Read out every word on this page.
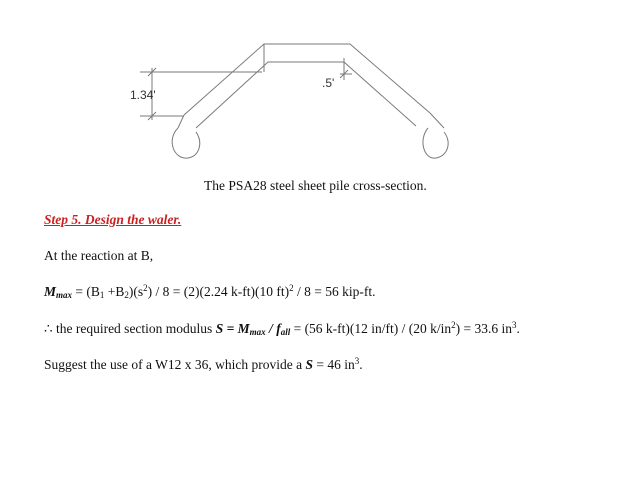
1.34'
.5'
The PSA28 steel sheet pile cross-section.
Step 5. Design the waler.
At the reaction at B,
$M_{max} = (B_1 +B_2)(s^2) / 8 = (2)(2.24$ k-ft)(10 ft)$^2$ / 8 = 56 kip-ft.
∴ the required section modulus $S = M_{max} / f_{all} = (56$ k-ft)(12 in/ft) / (20 $k/in^2) = 33.6$ $in^3$.
Suggest the use of a W12 x 36, which provide a S = 46 $in^3$.
